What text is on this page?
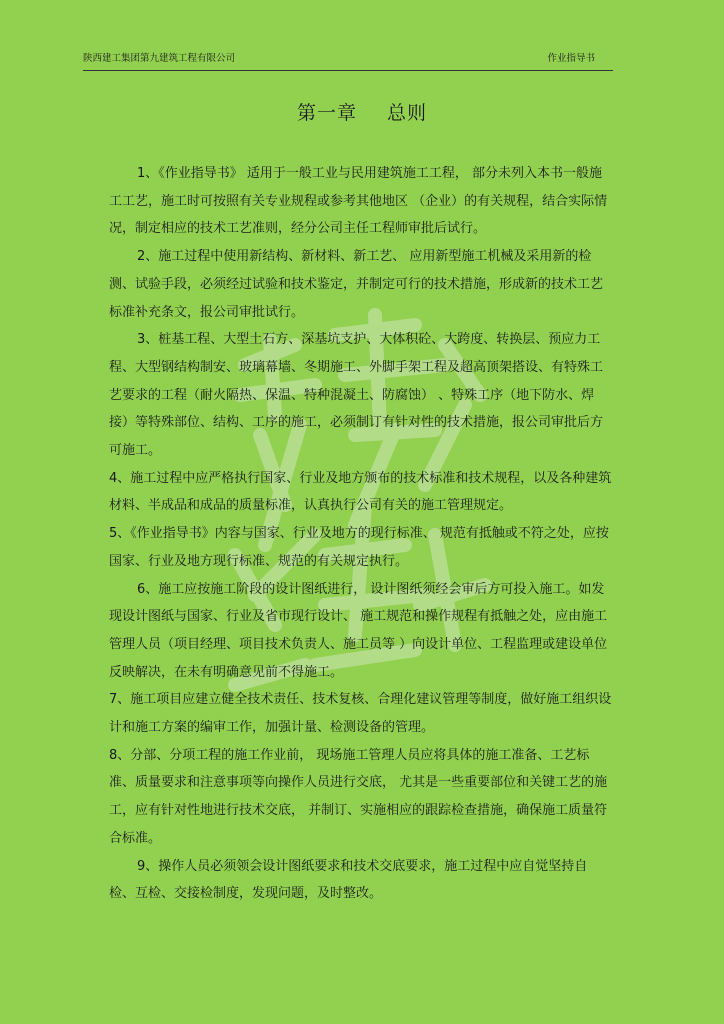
陕西建工集团第九建筑工程有限公司	作业指导书
第一章 总则

1、《作业指导书》 适用于一般工业与民用建筑施工工程， 部分未列入本书一般施工工艺，施工时可按照有关专业规程或参考其他地区 （企业）的有关规程，结合实际情况，制定相应的技术工艺准则，经分公司主任工程师审批后试行。

2、施工过程中使用新结构、新材料、新工艺、 应用新型施工机械及采用新的检测、试验手段，必须经过试验和技术鉴定，并制定可行的技术措施，形成新的技术工艺标准补充条文，报公司审批试行。

3、桩基工程、大型土石方、深基坑支护、大体积砼、大跨度、转换层、预应力工程、大型钢结构制安、玻璃幕墙、冬期施工、外脚手架工程及超高顶架搭设、有特殊工艺要求的工程（耐火隔热、保温、特种混凝土、防腐蚀） 、特殊工序（地下防水、焊接）等特殊部位、结构、工序的施工，必须制订有针对性的技术措施，报公司审批后方可施工。

4、施工过程中应严格执行国家、行业及地方颁布的技术标准和技术规程，以及各种建筑材料、半成品和成品的质量标准，认真执行公司有关的施工管理规定。

5、《作业指导书》内容与国家、行业及地方的现行标准、 规范有抵触或不符之处，应按国家、行业及地方现行标准、规范的有关规定执行。

6、施工应按施工阶段的设计图纸进行， 设计图纸须经会审后方可投入施工。如发现设计图纸与国家、行业及省市现行设计、 施工规范和操作规程有抵触之处，应由施工管理人员（项目经理、项目技术负责人、施工员等 ）向设计单位、工程监理或建设单位反映解决，在未有明确意见前不得施工。

7、施工项目应建立健全技术责任、技术复核、合理化建议管理等制度，做好施工组织设计和施工方案的编审工作，加强计量、检测设备的管理。

8、分部、分项工程的施工作业前， 现场施工管理人员应将具体的施工准备、工艺标准、质量要求和注意事项等向操作人员进行交底， 尤其是一些重要部位和关键工艺的施工，应有针对性地进行技术交底， 并制订、实施相应的跟踪检查措施，确保施工质量符合标准。

9、操作人员必须领会设计图纸要求和技术交底要求，施工过程中应自觉坚持自检、互检、交接检制度，发现问题，及时整改。
